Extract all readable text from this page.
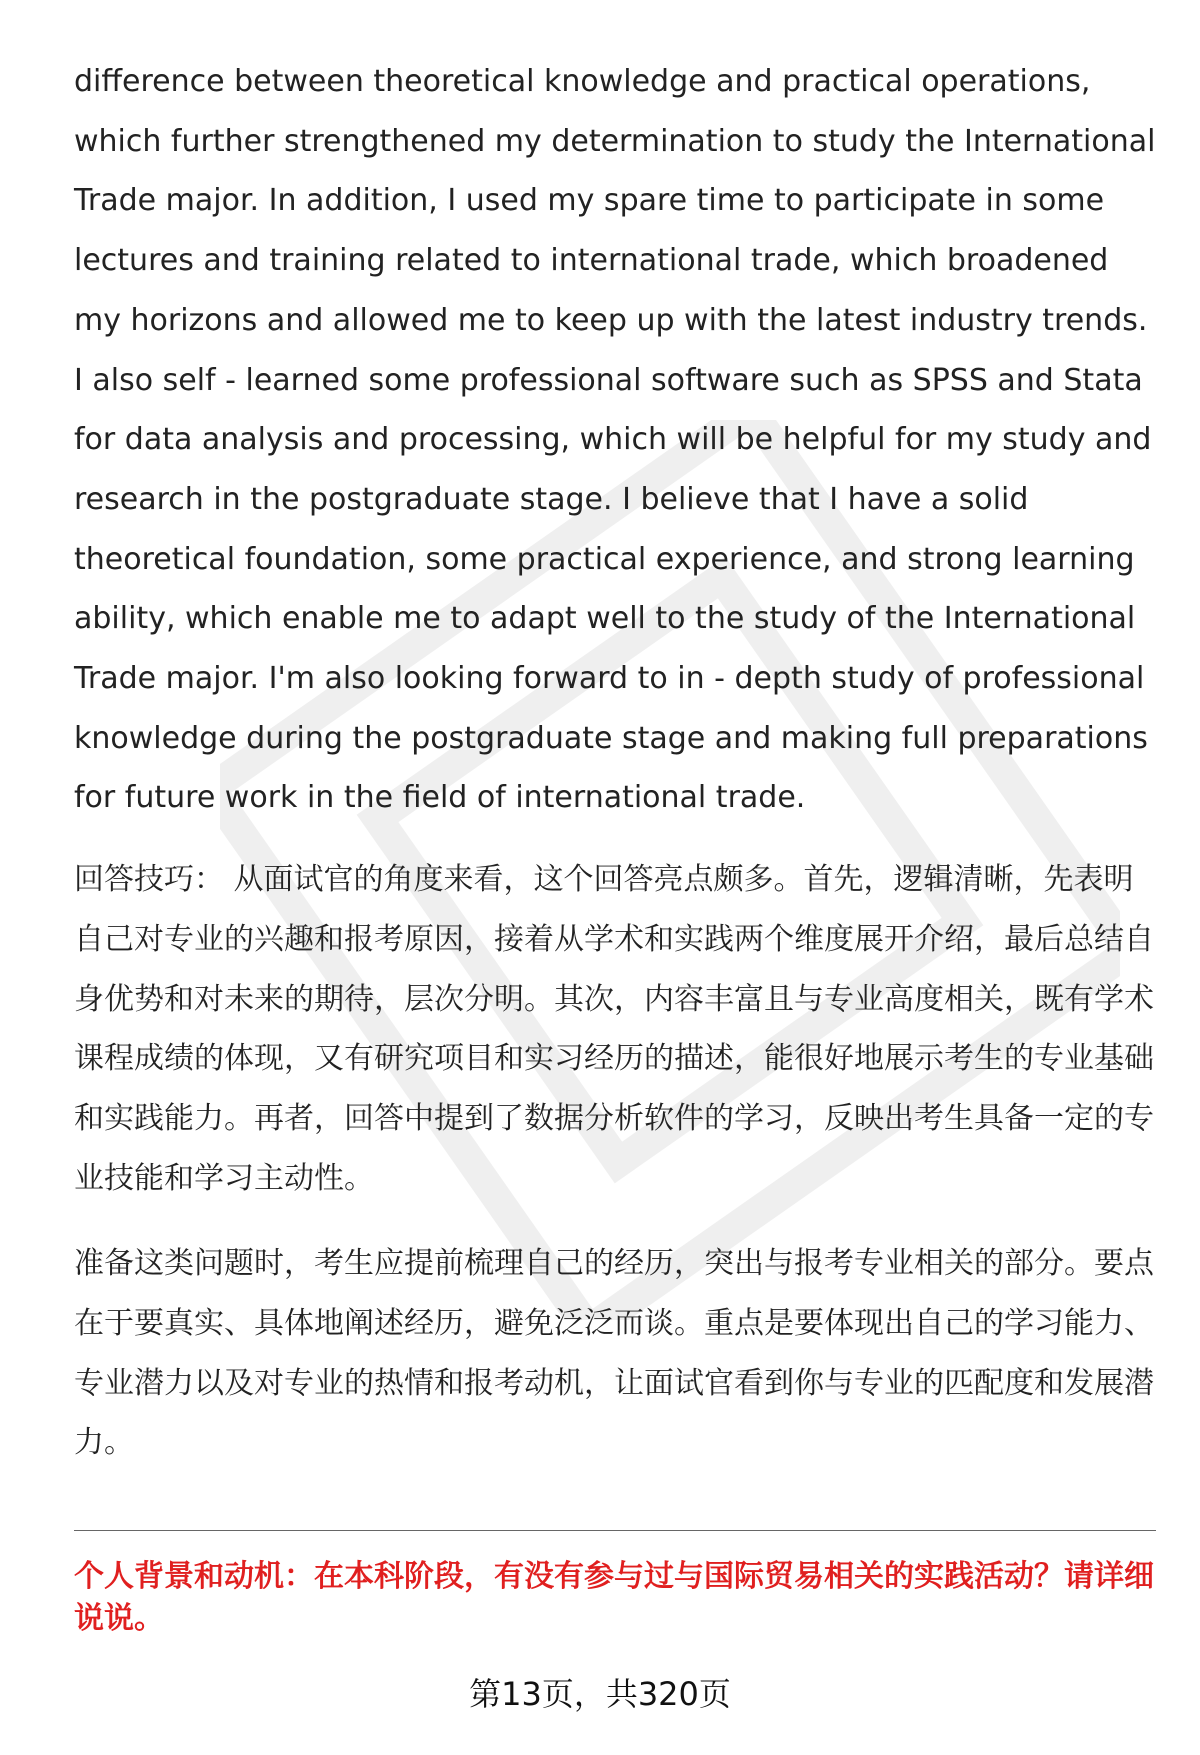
difference between theoretical knowledge and practical operations, which further strengthened my determination to study the International Trade major. In addition, I used my spare time to participate in some lectures and training related to international trade, which broadened my horizons and allowed me to keep up with the latest industry trends. I also self - learned some professional software such as SPSS and Stata for data analysis and processing, which will be helpful for my study and research in the postgraduate stage. I believe that I have a solid theoretical foundation, some practical experience, and strong learning ability, which enable me to adapt well to the study of the International Trade major. I'm also looking forward to in - depth study of professional knowledge during the postgraduate stage and making full preparations for future work in the field of international trade.

回答技巧： 从面试官的角度来看，这个回答亮点颇多。首先，逻辑清晰，先表明自己对专业的兴趣和报考原因，接着从学术和实践两个维度展开介绍，最后总结自身优势和对未来的期待，层次分明。其次，内容丰富且与专业高度相关，既有学术课程成绩的体现，又有研究项目和实习经历的描述，能很好地展示考生的专业基础和实践能力。再者，回答中提到了数据分析软件的学习，反映出考生具备一定的专业技能和学习主动性。

准备这类问题时，考生应提前梳理自己的经历，突出与报考专业相关的部分。要点在于要真实、具体地阐述经历，避免泛泛而谈。重点是要体现出自己的学习能力、专业潜力以及对专业的热情和报考动机，让面试官看到你与专业的匹配度和发展潜力。

个人背景和动机：在本科阶段，有没有参与过与国际贸易相关的实践活动？请详细说说。

第13页，共320页
